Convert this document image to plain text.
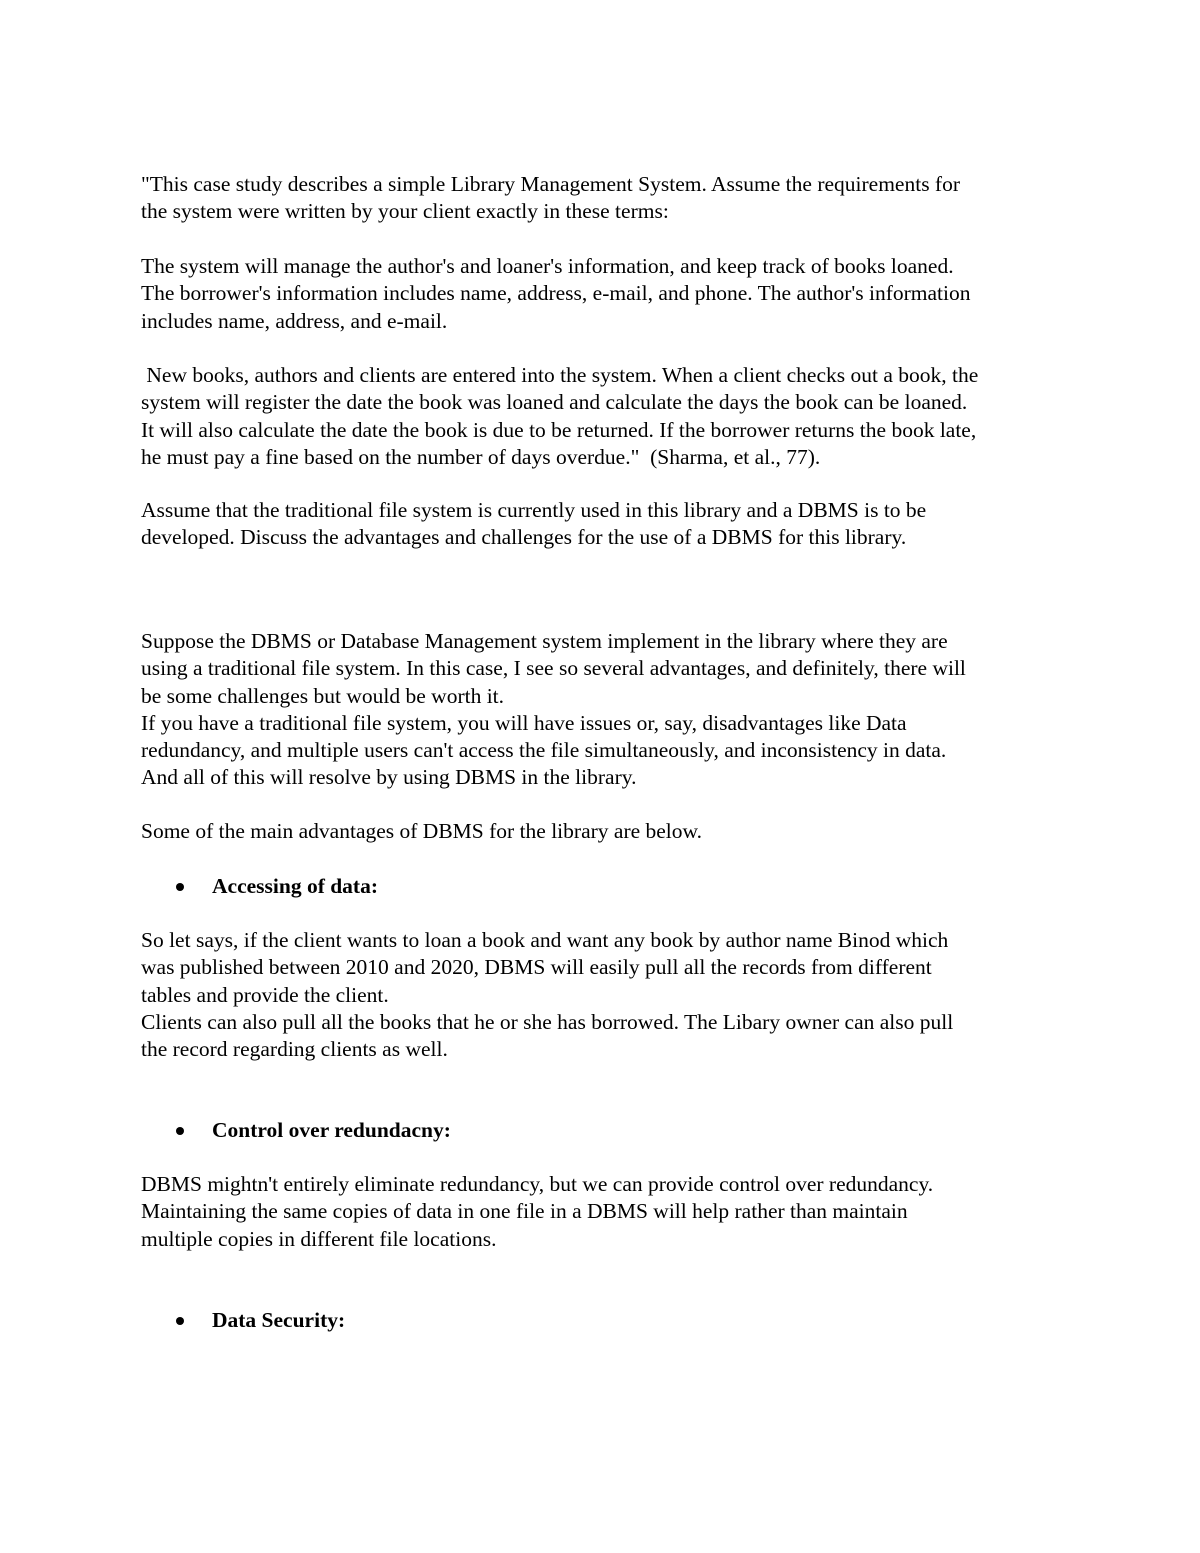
"This case study describes a simple Library Management System. Assume the requirements for
the system were written by your client exactly in these terms:

The system will manage the author's and loaner's information, and keep track of books loaned.
The borrower's information includes name, address, e-mail, and phone. The author's information
includes name, address, and e-mail.

New books, authors and clients are entered into the system. When a client checks out a book, the
system will register the date the book was loaned and calculate the days the book can be loaned.
It will also calculate the date the book is due to be returned. If the borrower returns the book late,
he must pay a fine based on the number of days overdue."  (Sharma, et al., 77).

Assume that the traditional file system is currently used in this library and a DBMS is to be
developed. Discuss the advantages and challenges for the use of a DBMS for this library.

Suppose the DBMS or Database Management system implement in the library where they are
using a traditional file system. In this case, I see so several advantages, and definitely, there will
be some challenges but would be worth it.
If you have a traditional file system, you will have issues or, say, disadvantages like Data
redundancy, and multiple users can't access the file simultaneously, and inconsistency in data.
And all of this will resolve by using DBMS in the library.

Some of the main advantages of DBMS for the library are below.

Accessing of data:

So let says, if the client wants to loan a book and want any book by author name Binod which
was published between 2010 and 2020, DBMS will easily pull all the records from different
tables and provide the client.
Clients can also pull all the books that he or she has borrowed. The Libary owner can also pull
the record regarding clients as well.

Control over redundacny:

DBMS mightn't entirely eliminate redundancy, but we can provide control over redundancy.
Maintaining the same copies of data in one file in a DBMS will help rather than maintain
multiple copies in different file locations.

Data Security:
